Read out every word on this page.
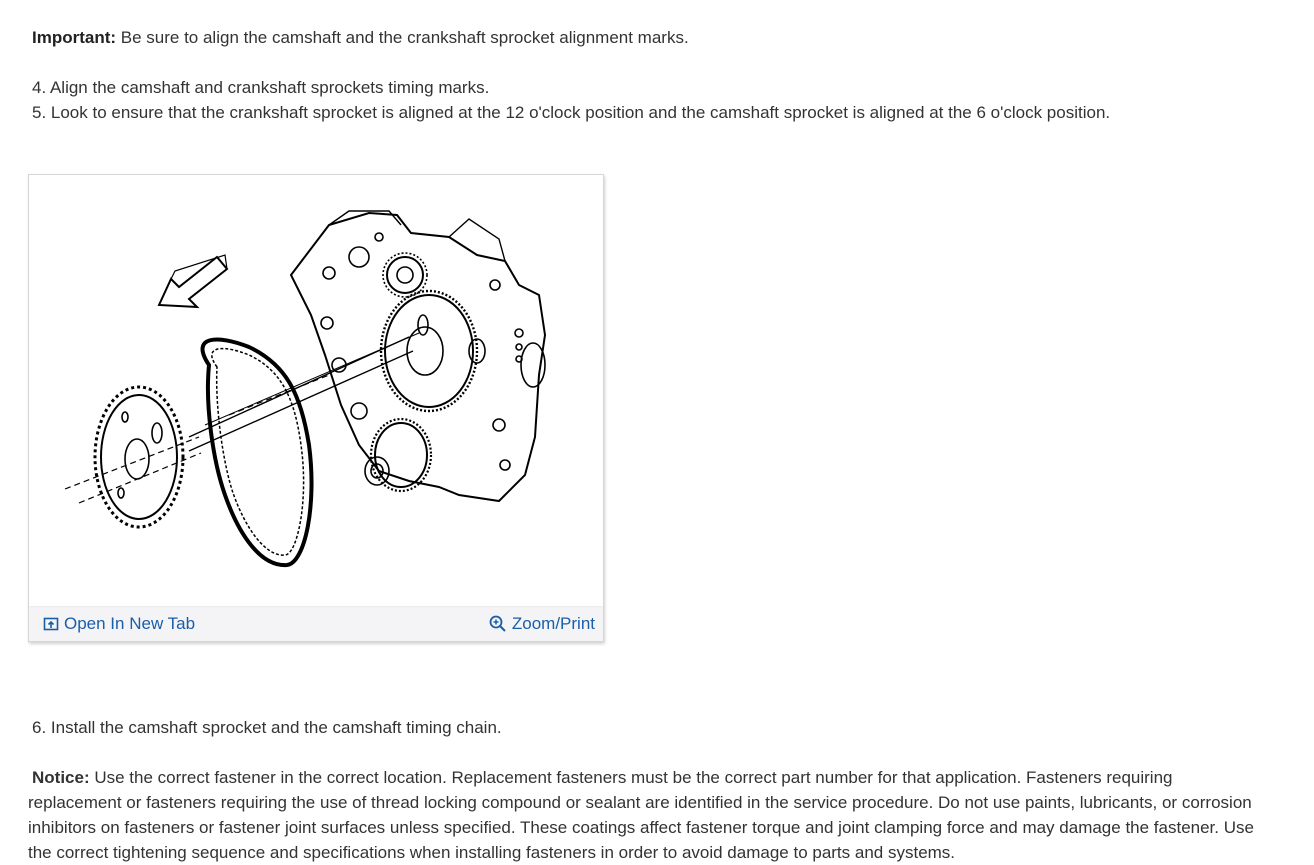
Important: Be sure to align the camshaft and the crankshaft sprocket alignment marks.
4. Align the camshaft and crankshaft sprockets timing marks.
5. Look to ensure that the crankshaft sprocket is aligned at the 12 o'clock position and the camshaft sprocket is aligned at the 6 o'clock position.
Open In New Tab	Zoom/Print
6. Install the camshaft sprocket and the camshaft timing chain.
Notice: Use the correct fastener in the correct location. Replacement fasteners must be the correct part number for that application. Fasteners requiring replacement or fasteners requiring the use of thread locking compound or sealant are identified in the service procedure. Do not use paints, lubricants, or corrosion inhibitors on fasteners or fastener joint surfaces unless specified. These coatings affect fastener torque and joint clamping force and may damage the fastener. Use the correct tightening sequence and specifications when installing fasteners in order to avoid damage to parts and systems.
